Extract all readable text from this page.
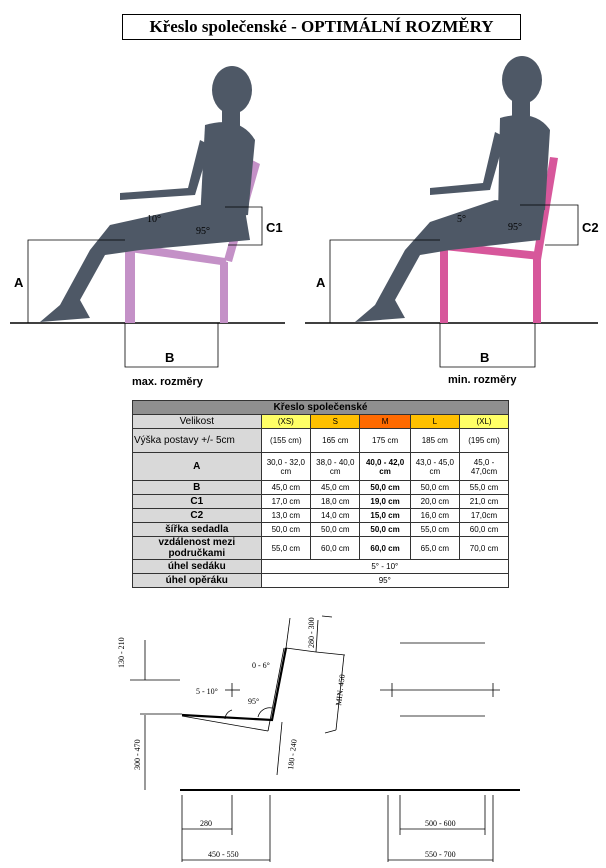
Křeslo společenské - OPTIMÁLNÍ ROZMĚRY
A
C1
B
10°
95°
A
C2
B
5°
95°
max. rozměry	min. rozměry
Křeslo společenské					
Velikost	(XS)	S	M	L	(XL)
Výška postavy +/- 5cm	(155 cm)	165 cm	175 cm	185 cm	(195 cm)
A	30,0 - 32,0 cm	38,0 - 40,0 cm	40,0 - 42,0 cm	43,0 - 45,0 cm	45,0 - 47,0cm
B	45,0 cm	45,0 cm	50,0 cm	50,0 cm	55,0 cm
C1	17,0 cm	18,0 cm	19,0 cm	20,0 cm	21,0 cm
C2	13,0 cm	14,0 cm	15,0 cm	16,0 cm	17,0cm
šířka sedadla	50,0 cm	50,0 cm	50,0 cm	55,0 cm	60,0 cm
vzdálenost mezi područkami	55,0 cm	60,0 cm	60,0 cm	65,0 cm	70,0 cm
úhel sedáku	5° - 10°				
úhel opěráku	95°				
130 - 210
280 - 300
0 - 6°
5 - 10°
95°	MIN. 450
300 - 470	180 - 240
280
450 - 550
500 - 600
550 - 700
